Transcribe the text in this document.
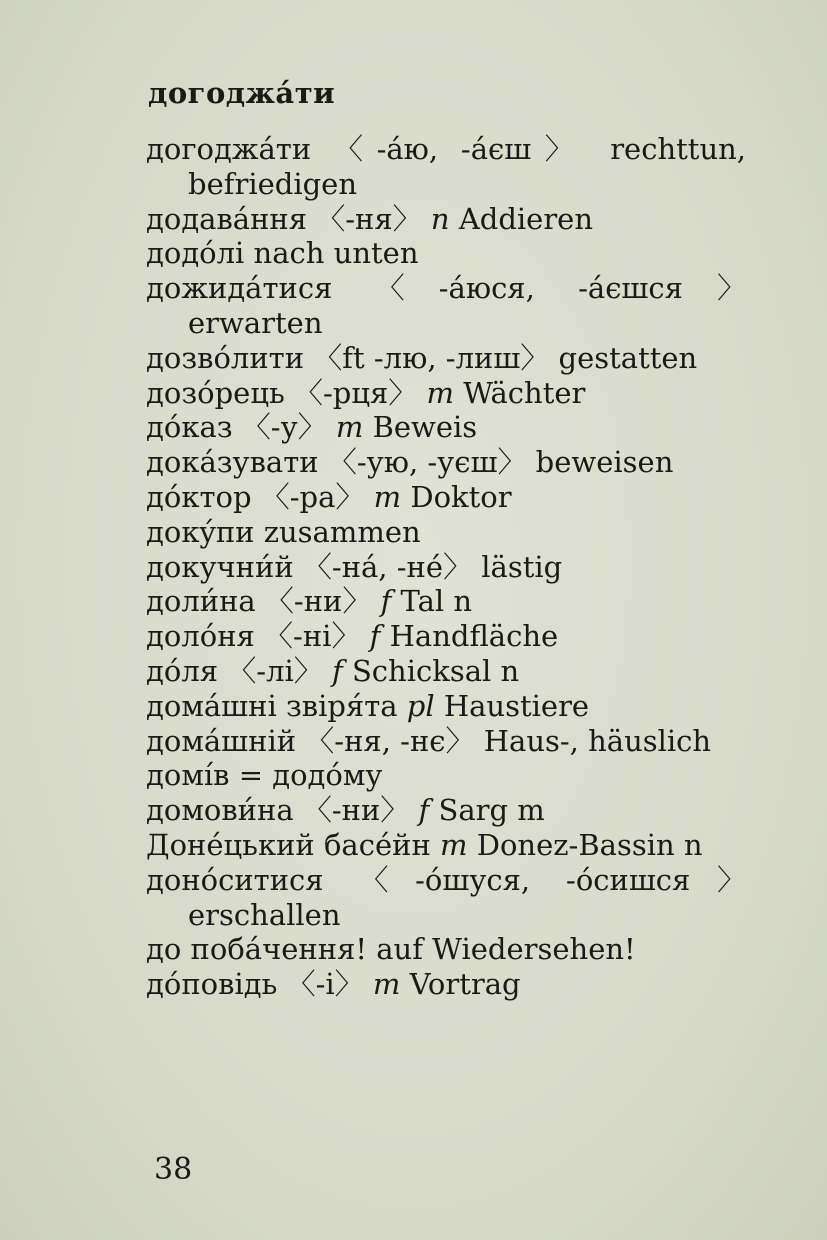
догоджáти
догоджáти 〈-áю, -áєш〉 rechttun, befriedigen
додавáння 〈-ня〉 n Addieren
додóлі nach unten
дожидáтися 〈-áюся, -áєшся〉 erwarten
дозвóлити 〈ft -лю, -лиш〉 gestatten
дозóрець 〈-рця〉 m Wächter
дóказ 〈-у〉 m Beweis
докáзувати 〈-ую, -уєш〉 beweisen
дóктор 〈-ра〉 m Doktor
докýпи zusammen
докучни́й 〈-нá, -нé〉 lästig
доли́на 〈-ни〉 f Tal n
долóня 〈-ні〉 f Handfläche
дóля 〈-лі〉 f Schicksal n
домáшні звіря́та pl Haustiere
домáшній 〈-ня, -нє〉 Haus-, häuslich
домíв = додóму
домови́на 〈-ни〉 f Sarg m
Донéцький басéйн m Donez-Bassin n
донóситися 〈-óшуся, -óсишся〉 erschallen
до побáчення! auf Wiedersehen!
дóповідь 〈-і〉 m Vortrag
38
